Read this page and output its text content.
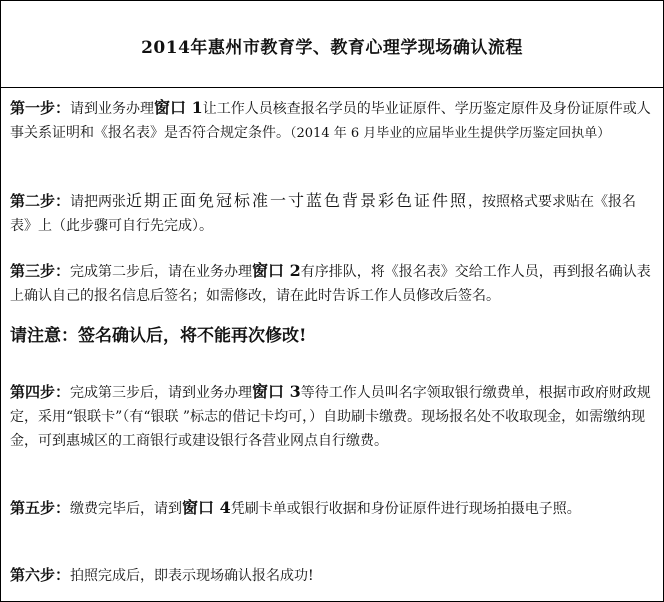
2014年惠州市教育学、教育心理学现场确认流程

第一步：请到业务办理窗口 1让工作人员核查报名学员的毕业证原件、学历鉴定原件及身份证原件或人事关系证明和《报名表》是否符合规定条件。（2014 年 6 月毕业的应届毕业生提供学历鉴定回执单）

第二步：请把两张近期正面免冠标准一寸蓝色背景彩色证件照，按照格式要求贴在《报名表》上（此步骤可自行先完成）。

第三步：完成第二步后，请在业务办理窗口 2有序排队，将《报名表》交给工作人员，再到报名确认表上确认自己的报名信息后签名；如需修改，请在此时告诉工作人员修改后签名。

请注意：签名确认后，将不能再次修改!

第四步：完成第三步后，请到业务办理窗口 3等待工作人员叫名字领取银行缴费单，根据市政府财政规定，采用“银联卡”（有“银联 ”标志的借记卡均可，）自助刷卡缴费。现场报名处不收取现金，如需缴纳现金，可到惠城区的工商银行或建设银行各营业网点自行缴费。

第五步：缴费完毕后，请到窗口 4凭刷卡单或银行收据和身份证原件进行现场拍摄电子照。

第六步：拍照完成后，即表示现场确认报名成功!
